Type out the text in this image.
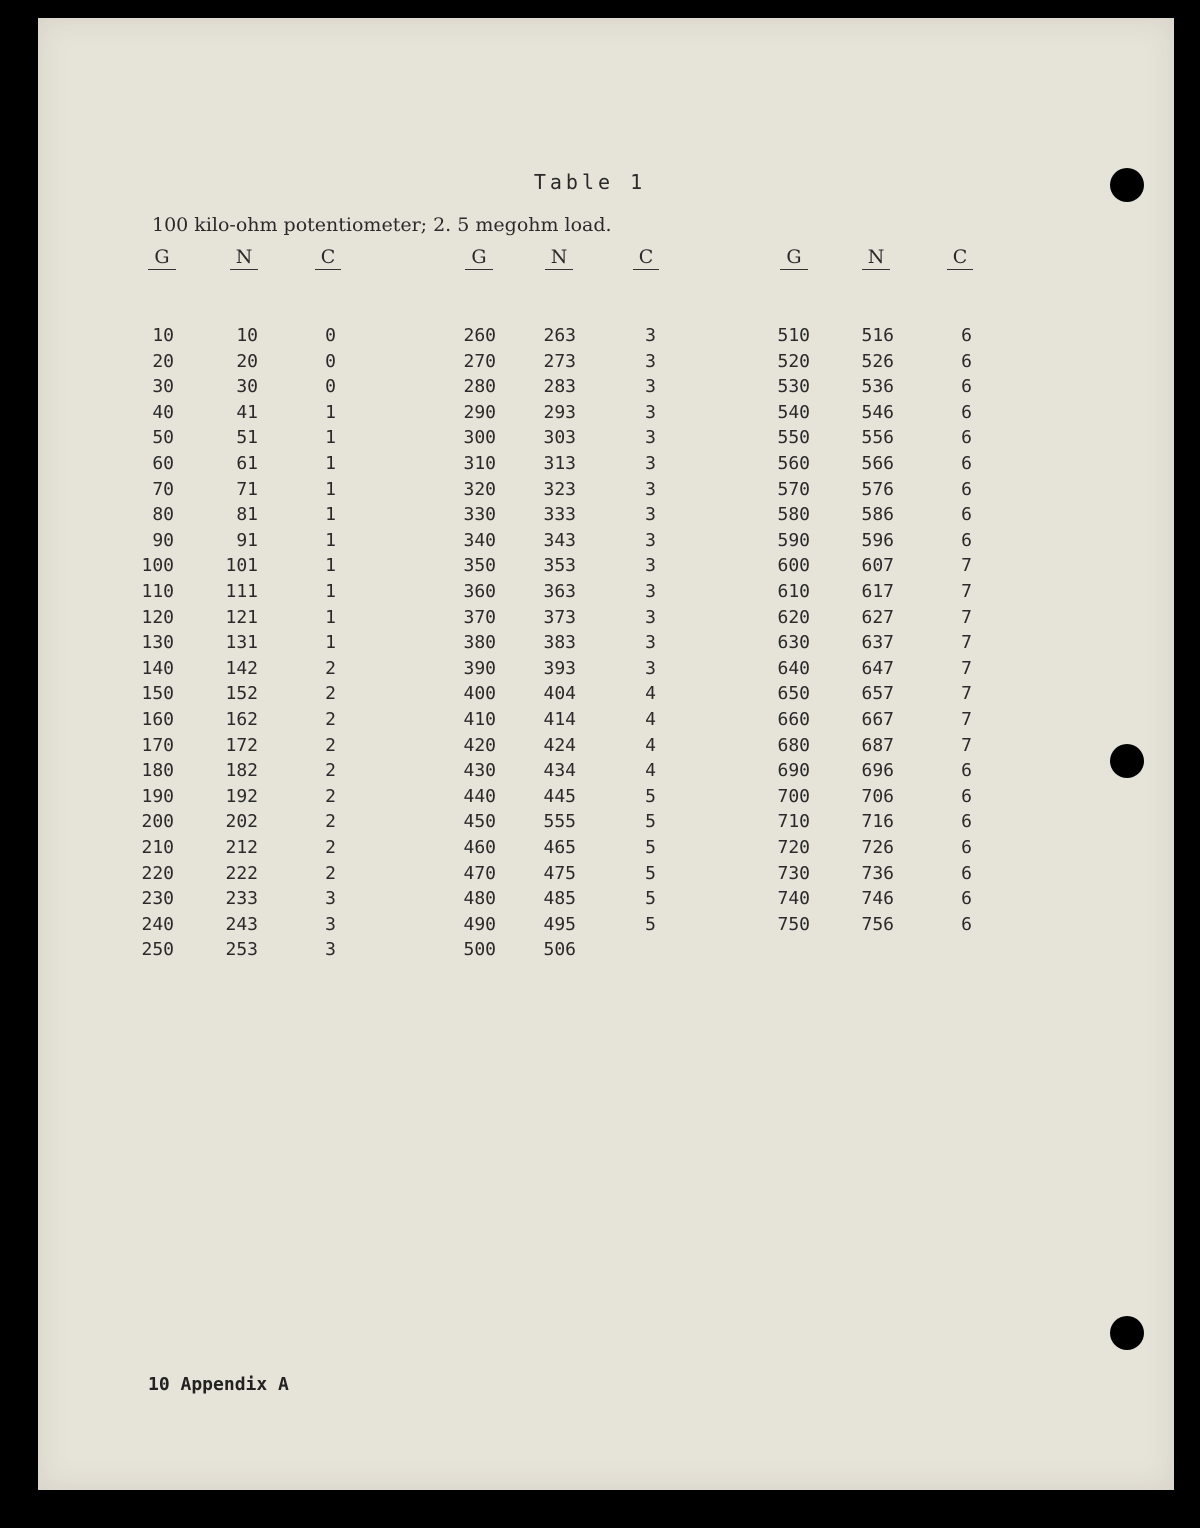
Table 1
100 kilo-ohm potentiometer; 2. 5 megohm load.
G	N	C	G	N	C	G	N	C
10	10	0
20	20	0
30	30	0
40	41	1
50	51	1
60	61	1
70	71	1
80	81	1
90	91	1
100	101	1
110	111	1
120	121	1
130	131	1
140	142	2
150	152	2
160	162	2
170	172	2
180	182	2
190	192	2
200	202	2
210	212	2
220	222	2
230	233	3
240	243	3
250	253	3
260	263	3
270	273	3
280	283	3
290	293	3
300	303	3
310	313	3
320	323	3
330	333	3
340	343	3
350	353	3
360	363	3
370	373	3
380	383	3
390	393	3
400	404	4
410	414	4
420	424	4
430	434	4
440	445	5
450	555	5
460	465	5
470	475	5
480	485	5
490	495	5
500	506
510	516	6
520	526	6
530	536	6
540	546	6
550	556	6
560	566	6
570	576	6
580	586	6
590	596	6
600	607	7
610	617	7
620	627	7
630	637	7
640	647	7
650	657	7
660	667	7
680	687	7
690	696	6
700	706	6
710	716	6
720	726	6
730	736	6
740	746	6
750	756	6
10 Appendix A
